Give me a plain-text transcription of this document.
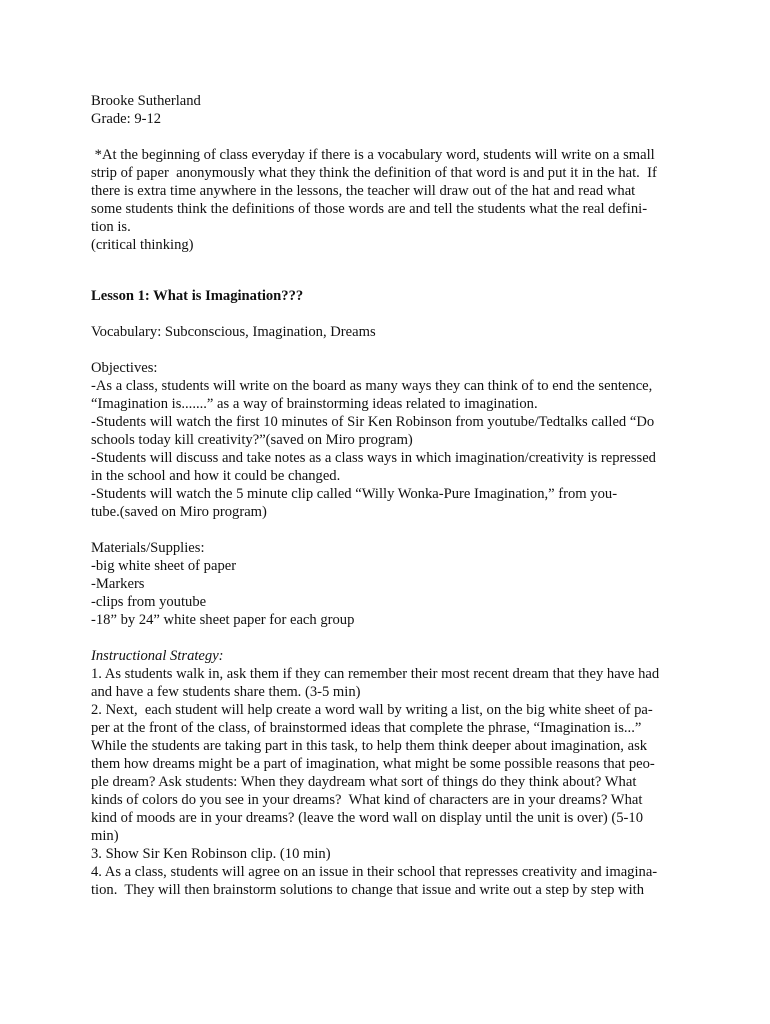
Brooke Sutherland
Grade: 9-12
*At the beginning of class everyday if there is a vocabulary word, students will write on a small
strip of paper  anonymously what they think the definition of that word is and put it in the hat.  If
there is extra time anywhere in the lessons, the teacher will draw out of the hat and read what
some students think the definitions of those words are and tell the students what the real defini-
tion is.
(critical thinking)
Lesson 1: What is Imagination???
Vocabulary: Subconscious, Imagination, Dreams
Objectives:
-As a class, students will write on the board as many ways they can think of to end the sentence,
“Imagination is.......” as a way of brainstorming ideas related to imagination.
-Students will watch the first 10 minutes of Sir Ken Robinson from youtube/Tedtalks called “Do
schools today kill creativity?”(saved on Miro program)
-Students will discuss and take notes as a class ways in which imagination/creativity is repressed
in the school and how it could be changed.
-Students will watch the 5 minute clip called “Willy Wonka-Pure Imagination,” from you-
tube.(saved on Miro program)
Materials/Supplies:
-big white sheet of paper
-Markers
-clips from youtube
-18” by 24” white sheet paper for each group
Instructional Strategy:
1. As students walk in, ask them if they can remember their most recent dream that they have had
and have a few students share them. (3-5 min)
2. Next,  each student will help create a word wall by writing a list, on the big white sheet of pa-
per at the front of the class, of brainstormed ideas that complete the phrase, “Imagination is...”
While the students are taking part in this task, to help them think deeper about imagination, ask
them how dreams might be a part of imagination, what might be some possible reasons that peo-
ple dream? Ask students: When they daydream what sort of things do they think about? What
kinds of colors do you see in your dreams?  What kind of characters are in your dreams? What
kind of moods are in your dreams? (leave the word wall on display until the unit is over) (5-10
min)
3. Show Sir Ken Robinson clip. (10 min)
4. As a class, students will agree on an issue in their school that represses creativity and imagina-
tion.  They will then brainstorm solutions to change that issue and write out a step by step with
